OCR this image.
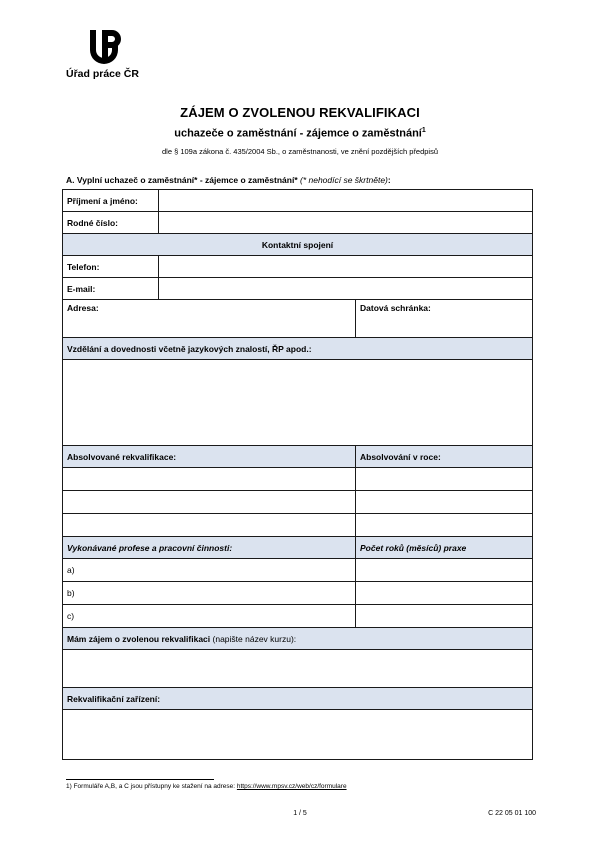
Úřad práce ČR
ZÁJEM O ZVOLENOU REKVALIFIKACI
uchazeče o zaměstnání - zájemce o zaměstnání$^1$
dle § 109a zákona č. 435/2004 Sb., o zaměstnanosti, ve znění pozdějších předpisů
A. Vyplní uchazeč o zaměstnání* - zájemce o zaměstnání* (* nehodící se škrtněte):
Příjmení a jméno:		
Rodné číslo:		
Kontaktní spojení		
Telefon:		
E-mail:		
Adresa:		Datová schránka:
Vzdělání a dovednosti včetně jazykových znalostí, ŘP apod.:		

Absolvované rekvalifikace:		Absolvování v roce:

Vykonávané profese a pracovní činnosti:		Počet roků (měsíců) praxe
a)		
b)		
c)		
Mám zájem o zvolenou rekvalifikaci (napište název kurzu):		

Rekvalifikační zařízení:		

1) Formuláře A,B, a C jsou přístupny ke stažení na adrese: https://www.mpsv.cz/web/cz/formulare
1 / 5	C 22 05 01 100
